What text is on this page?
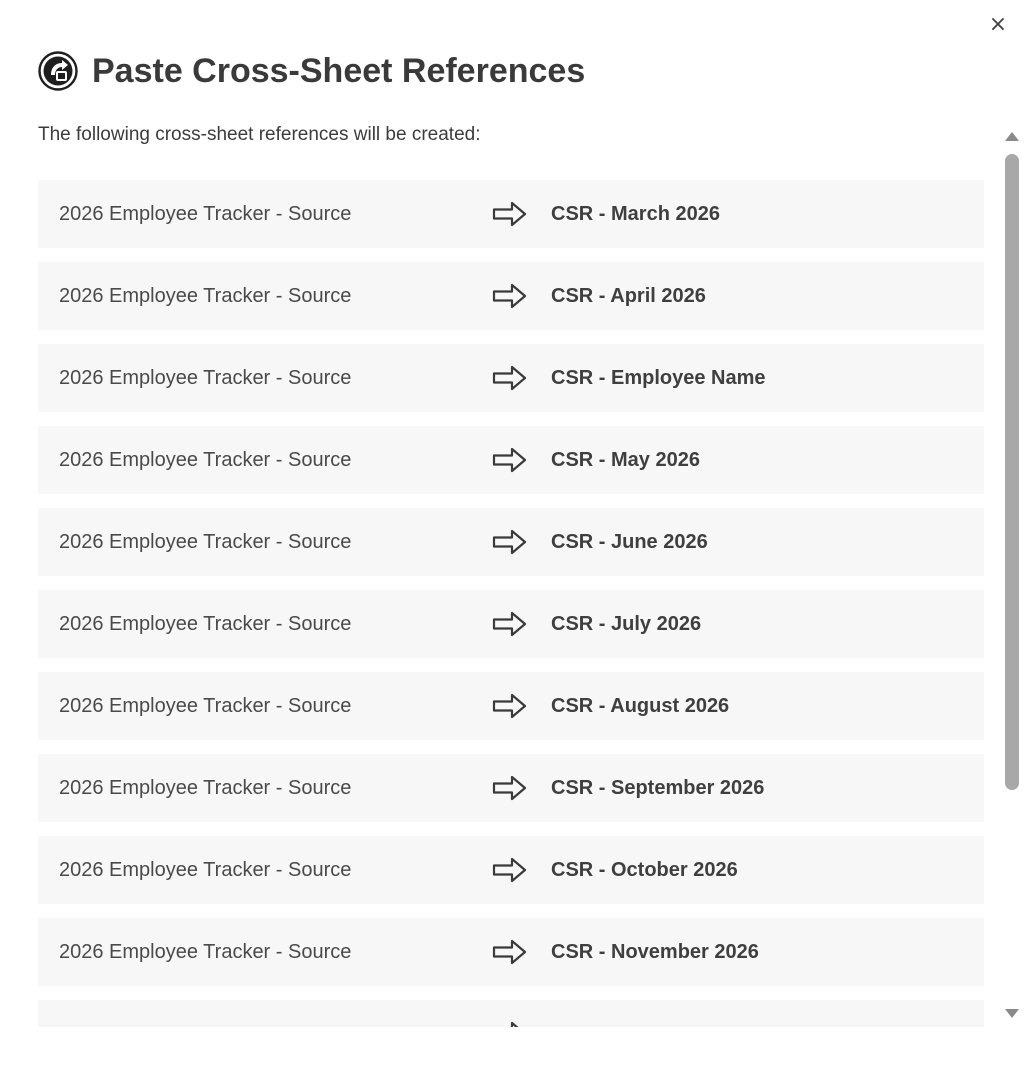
×
Paste Cross-Sheet References
The following cross-sheet references will be created:
2026 Employee Tracker - Source	CSR - March 2026
2026 Employee Tracker - Source	CSR - April 2026
2026 Employee Tracker - Source	CSR - Employee Name
2026 Employee Tracker - Source	CSR - May 2026
2026 Employee Tracker - Source	CSR - June 2026
2026 Employee Tracker - Source	CSR - July 2026
2026 Employee Tracker - Source	CSR - August 2026
2026 Employee Tracker - Source	CSR - September 2026
2026 Employee Tracker - Source	CSR - October 2026
2026 Employee Tracker - Source	CSR - November 2026
